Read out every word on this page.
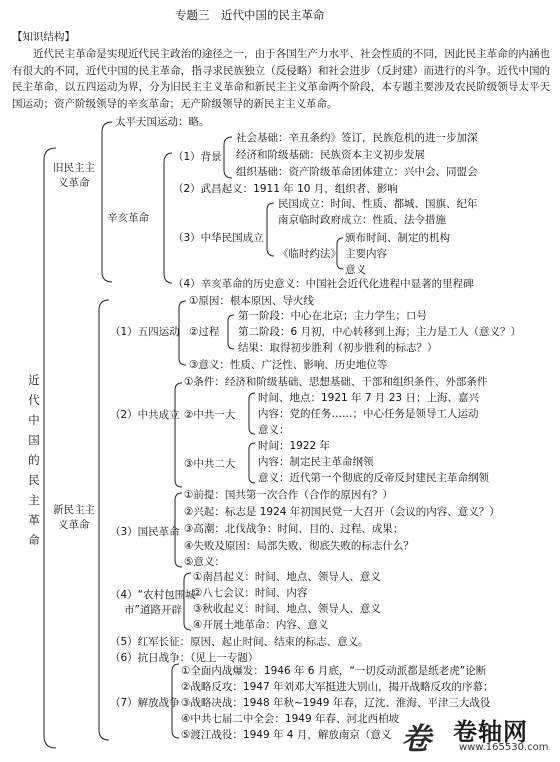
专题三　近代中国的民主革命
【知识结构】
近代民主革命是实现近代民主政治的途径之一，由于各国生产力水平、社会性质的不同，因此民主革命的内涵也有很大的不同，近代中国的民主革命，指寻求民族独立（反侵略）和社会进步（反封建）而进行的斗争。近代中国的民主革命，以五四运动为界，分为旧民主主义革命和新民主主义革命两个阶段，本专题主要涉及农民阶级领导太平天国运动；资产阶级领导的辛亥革命；无产阶级领导的新民主主义革命。
近代中国的民主革命
旧民主主
义革命
太平天国运动：略。
辛亥革命
（1）背景
社会基础：辛丑条约》签订，民族危机的进一步加深
经济和阶级基础：民族资本主义初步发展
组织基础：资产阶级革命团体建立：兴中会、同盟会
（2）武昌起义：1911 年 10 月，组织者、影响
（3）中华民国成立
民国成立：时间、性质、都城、国旗、纪年
南京临时政府成立：性质、法令措施
《临时约法》
颁布时间、制定的机构
主要内容
意义
（4）辛亥革命的历史意义：中国社会近代化进程中显著的里程碑
新民主主
义革命
（1）五四运动
①原因：根本原因、导火线
②过程
第一阶段：中心在北京；主力学生；口号
第二阶段：6 月初，中心转移到上海；主力是工人（意义？）
结果：取得初步胜利（初步胜利的标志？）
③意义：性质、广泛性、影响、历史地位等
（2）中共成立
①条件：经济和阶级基础、思想基础、干部和组织条件、外部条件
②中共一大
时间、地点：1921 年 7 月 23 日；上海、嘉兴
内容：党的任务……；中心任务是领导工人运动
意义：
③中共二大
时间：1922 年
内容：制定民主革命纲领
意义：近代第一个彻底的反帝反封建民主革命纲领
（3）国民革命
①前提：国共第一次合作（合作的原因有？）
②兴起：标志是 1924 年初国民党一大召开（会议的内容、意义？）
③高潮：北伐战争：时间、目的、过程、成果；
④失败及原因：局部失败、彻底失败的标志什么？
⑤意义：
（4）“农村包围城
市”道路开辟
①南昌起义：时间、地点、领导人、意义
②八七会议：时间、内容
③秋收起义：时间、地点、领导人、意义
④开展土地革命：内容、意义
（5）红军长征：原因、起止时间、结束的标志、意义。
（6）抗日战争：（见上一专题）
（7）解放战争
①全面内战爆发：1946 年 6 月底，“一切反动派都是纸老虎”论断
②战略反攻：1947 年刘邓大军挺进大别山，揭开战略反攻的序幕；
③战略决战：1948 年秋~1949 年春，辽沈、淮海、平津三大战役
④中共七届二中全会：1949 年春、河北西柏坡
⑤渡江战役：1949 年 4 月，解放南京（意义 卷 卷轴网
www.165530.com
